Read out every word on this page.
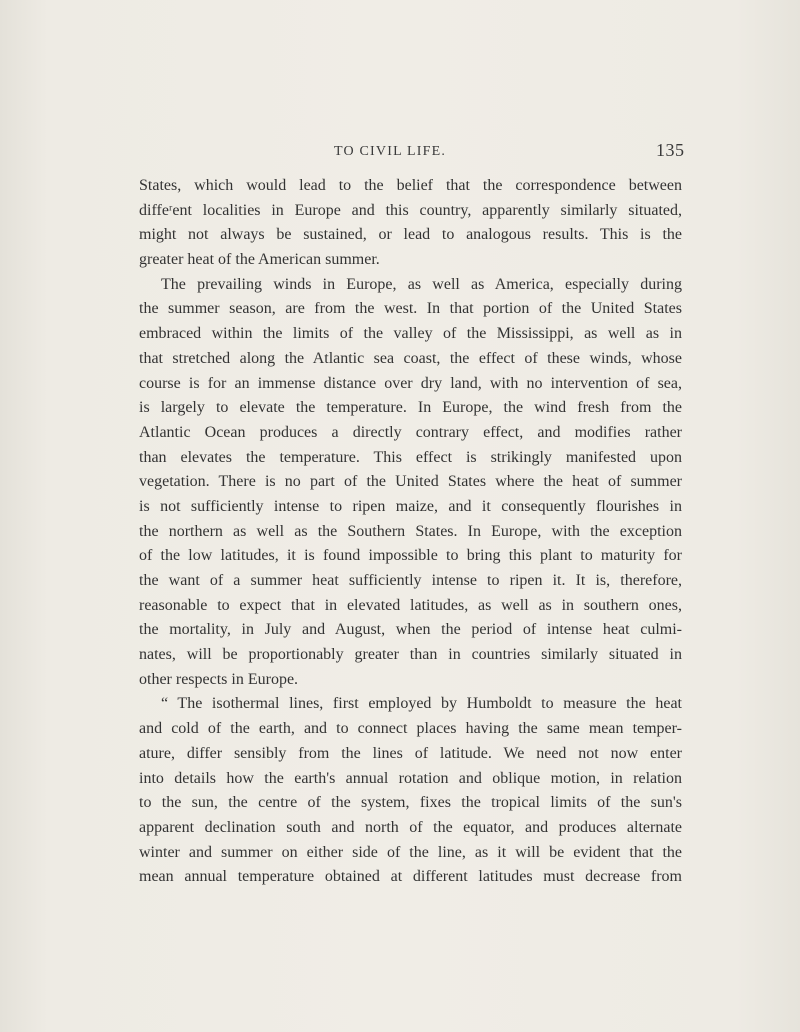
TO CIVIL LIFE.	135
States, which would lead to the belief that the correspondence between
diffeʳent localities in Europe and this country, apparently similarly situated,
might not always be sustained, or lead to analogous results. This is the
greater heat of the American summer.
The prevailing winds in Europe, as well as America, especially during
the summer season, are from the west. In that portion of the United States
embraced within the limits of the valley of the Mississippi, as well as in
that stretched along the Atlantic sea coast, the effect of these winds, whose
course is for an immense distance over dry land, with no intervention of sea,
is largely to elevate the temperature. In Europe, the wind fresh from the
Atlantic Ocean produces a directly contrary effect, and modifies rather
than elevates the temperature. This effect is strikingly manifested upon
vegetation. There is no part of the United States where the heat of summer
is not sufficiently intense to ripen maize, and it consequently flourishes in
the northern as well as the Southern States. In Europe, with the exception
of the low latitudes, it is found impossible to bring this plant to maturity for
the want of a summer heat sufficiently intense to ripen it. It is, therefore,
reasonable to expect that in elevated latitudes, as well as in southern ones,
the mortality, in July and August, when the period of intense heat culmi-
nates, will be proportionably greater than in countries similarly situated in
other respects in Europe.
“ The isothermal lines, first employed by Humboldt to measure the heat
and cold of the earth, and to connect places having the same mean temper-
ature, differ sensibly from the lines of latitude. We need not now enter
into details how the earth's annual rotation and oblique motion, in relation
to the sun, the centre of the system, fixes the tropical limits of the sun's
apparent declination south and north of the equator, and produces alternate
winter and summer on either side of the line, as it will be evident that the
mean annual temperature obtained at different latitudes must decrease from
